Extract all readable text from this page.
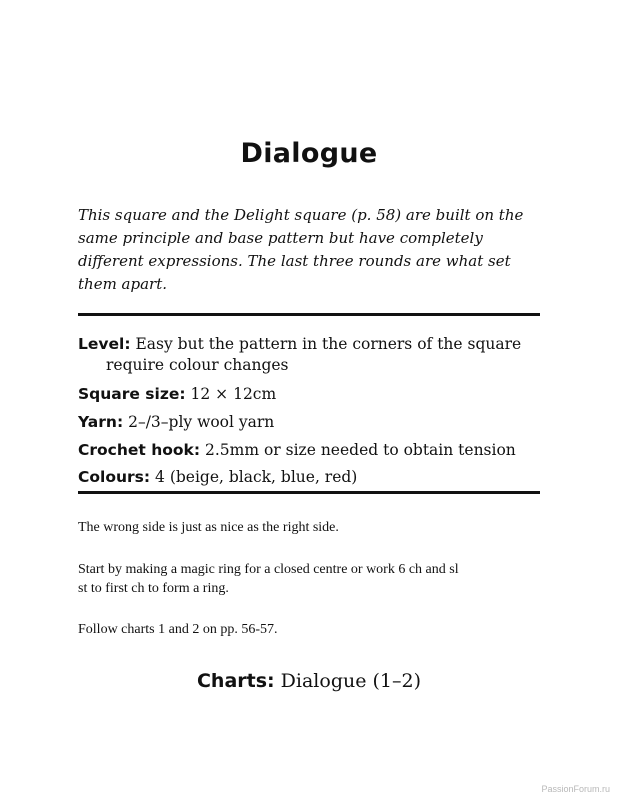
Dialogue
This square and the Delight square (p. 58) are built on the same principle and base pattern but have completely different expressions. The last three rounds are what set them apart.
Level: Easy but the pattern in the corners of the square
require colour changes
Square size: 12 × 12cm
Yarn: 2–/3–ply wool yarn
Crochet hook: 2.5mm or size needed to obtain tension
Colours: 4 (beige, black, blue, red)
The wrong side is just as nice as the right side.
Start by making a magic ring for a closed centre or work 6 ch and sl
st to first ch to form a ring.
Follow charts 1 and 2 on pp. 56-57.
Charts: Dialogue (1–2)
PassionForum.ru
